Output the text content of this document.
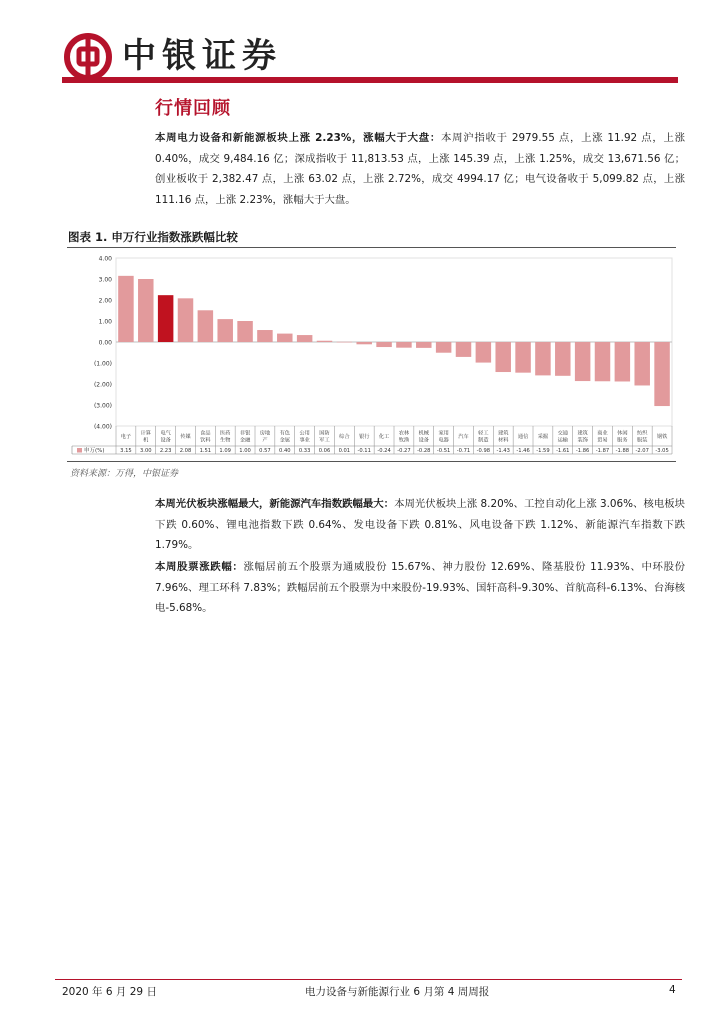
中银证券
行情回顾
本周电力设备和新能源板块上涨 2.23%，涨幅大于大盘：本周沪指收于 2979.55 点，上涨 11.92 点，上涨 0.40%，成交 9,484.16 亿；深成指收于 11,813.53 点，上涨 145.39 点，上涨 1.25%，成交 13,671.56 亿；创业板收于 2,382.47 点，上涨 63.02 点，上涨 2.72%，成交 4994.17 亿；电气设备收于 5,099.82 点，上涨 111.16 点，上涨 2.23%，涨幅大于大盘。
图表 1. 申万行业指数涨跌幅比较
4.00
3.00
2.00
1.00
0.00
(1.00)
(2.00)
(3.00)
(4.00)
申万(%)
电子
3.15
计算机
3.00
电气设备
2.23
传媒
2.08
食品饮料
1.51
医药生物
1.09
非银金融
1.00
房地产
0.57
有色金属
0.40
公用事业
0.33
国防军工
0.06
综合
0.01
银行
-0.11
化工
-0.24
农林牧渔
-0.27
机械设备
-0.28
家用电器
-0.51
汽车
-0.71
轻工制造
-0.98
建筑材料
-1.43
通信
-1.46
采掘
-1.59
交通运输
-1.61
建筑装饰
-1.86
商业贸易
-1.87
休闲服务
-1.88
纺织服装
-2.07
钢铁
-3.05
资料来源：万得，中银证券
本周光伏板块涨幅最大，新能源汽车指数跌幅最大：本周光伏板块上涨 8.20%、工控自动化上涨 3.06%、核电板块下跌 0.60%、锂电池指数下跌 0.64%、发电设备下跌 0.81%、风电设备下跌 1.12%、新能源汽车指数下跌 1.79%。
本周股票涨跌幅：涨幅居前五个股票为通威股份 15.67%、神力股份 12.69%、隆基股份 11.93%、中环股份 7.96%、理工环科 7.83%；跌幅居前五个股票为中来股份-19.93%、国轩高科-9.30%、首航高科-6.13%、台海核电-5.68%。
2020 年 6 月 29 日	电力设备与新能源行业 6 月第 4 周周报	4
